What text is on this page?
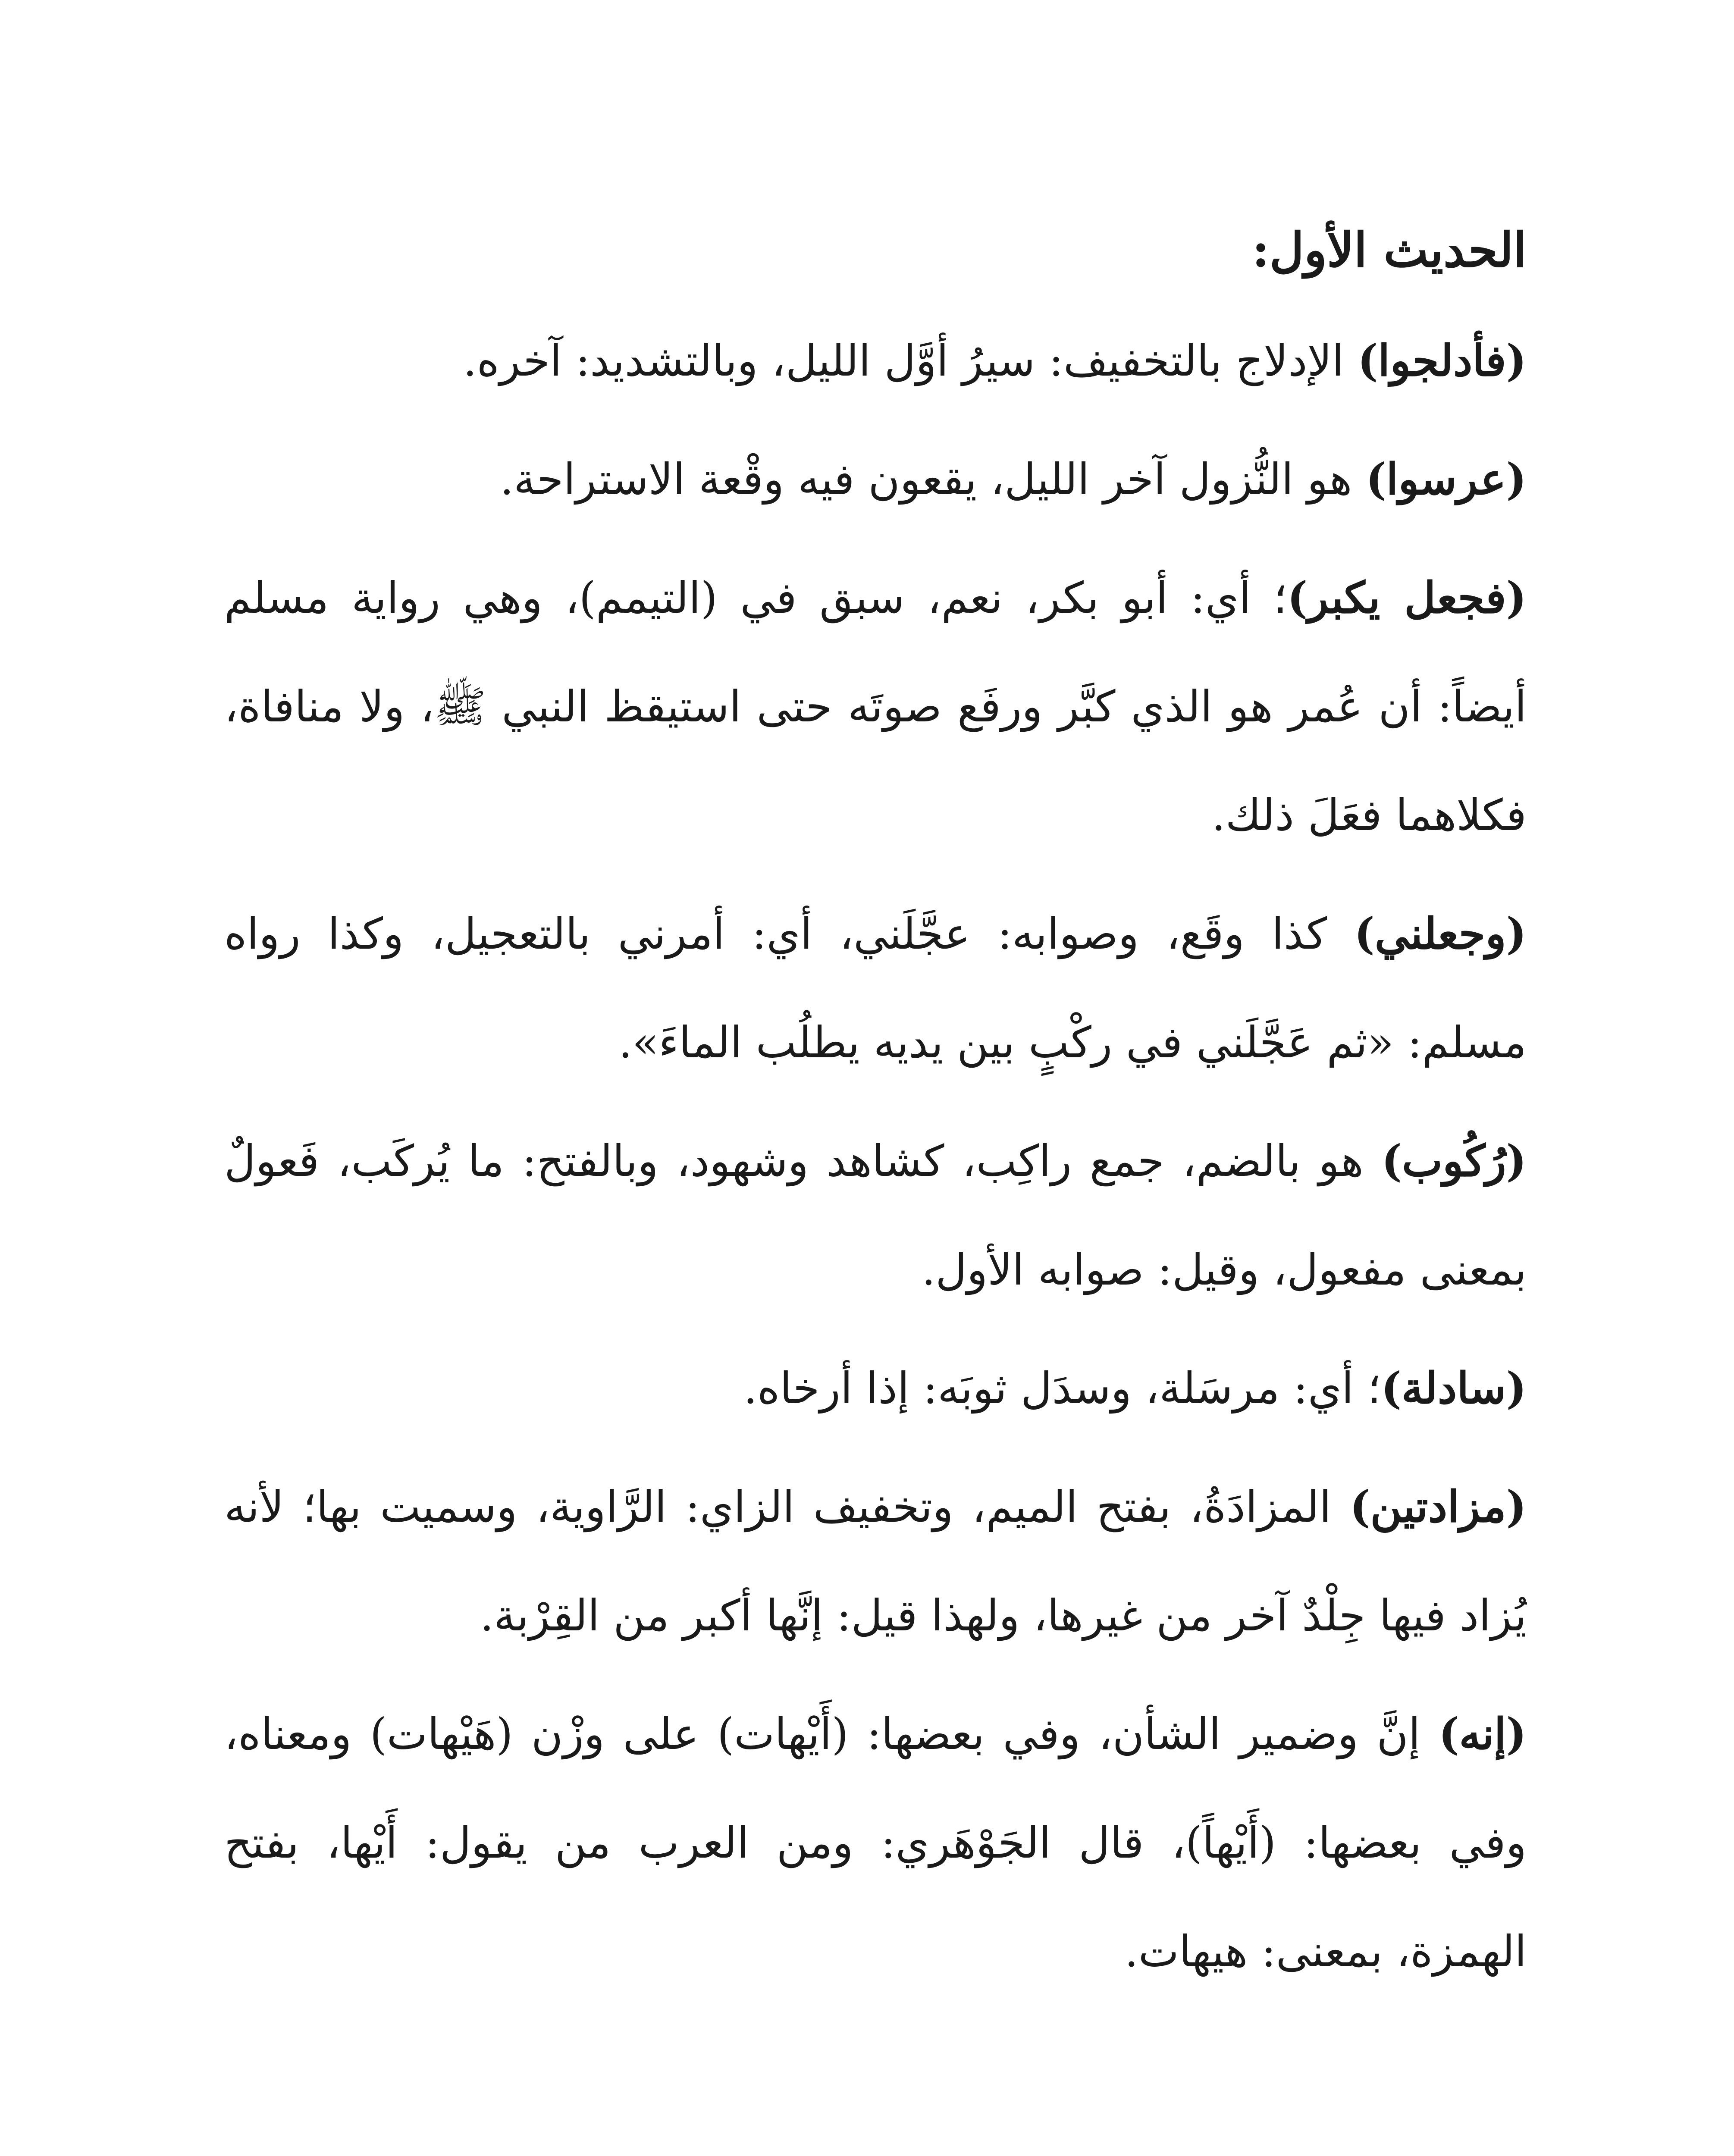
الحديث الأول:

(فأدلجوا) الإدلاج بالتخفيف: سيرُ أوَّل الليل، وبالتشديد: آخره.

(عرسوا) هو النُّزول آخر الليل، يقعون فيه وقْعة الاستراحة.

(فجعل يكبر)؛ أي: أبو بكر، نعم، سبق في (التيمم)، وهي رواية مسلم أيضاً: أن عُمر هو الذي كبَّر ورفَع صوتَه حتى استيقظ النبي ﷺ، ولا منافاة، فكلاهما فعَلَ ذلك.

(وجعلني) كذا وقَع، وصوابه: عجَّلَني، أي: أمرني بالتعجيل، وكذا رواه مسلم: «ثم عَجَّلَني في ركْبٍ بين يديه يطلُب الماءَ».

(رُكُوب) هو بالضم، جمع راكِب، كشاهد وشهود، وبالفتح: ما يُركَب، فَعولٌ بمعنى مفعول، وقيل: صوابه الأول.

(سادلة)؛ أي: مرسَلة، وسدَل ثوبَه: إذا أرخاه.

(مزادتين) المزادَةُ، بفتح الميم، وتخفيف الزاي: الرَّاوية، وسميت بها؛ لأنه يُزاد فيها جِلْدٌ آخر من غيرها، ولهذا قيل: إنَّها أكبر من القِرْبة.

(إنه) إنَّ وضمير الشأن، وفي بعضها: (أَيْهات) على وزْن (هَيْهات) ومعناه، وفي بعضها: (أَيْهاً)، قال الجَوْهَري: ومن العرب من يقول: أَيْها، بفتح الهمزة، بمعنى: هيهات.
